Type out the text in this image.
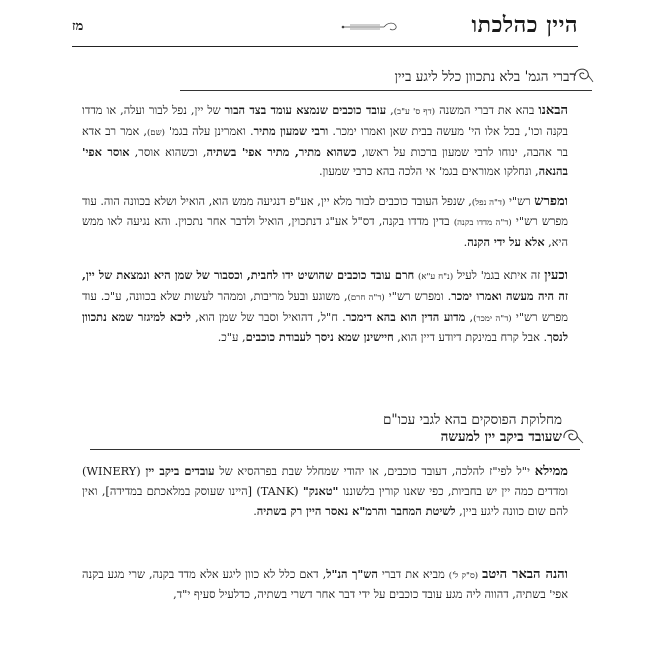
היין כהלכתו
מז
דברי הגמ' בלא נתכוון כלל ליגע ביין
הבאנו בהא את דברי המשנה (דף ס' ע"ב), עובד כוכבים שנמצא עומד בצד הבור של יין, נפל לבור ועלה, או מדדו בקנה וכו', בכל אלו הי' מעשה בבית שאן ואמרו ימכר. ורבי שמעון מתיר. ואמרינן עלה בגמ' (שם), אמר רב אדא בר אהבה, ינוחו לרבי שמעון ברכות על ראשו, כשהוא מתיר, מתיר אפי' בשתיה, וכשהוא אוסר, אוסר אפי' בהנאה, ונחלקו אמוראים בגמ' אי הלכה בהא כרבי שמעון.
ומפרש רש"י (ד"ה נפל), שנפל העובד כוכבים לבור מלא יין, אע"פ דנגיעה ממש הוא, הואיל ושלא בכוונה הוה. עוד מפרש רש"י (ד"ה מדדו בקנה) בדין מדדו בקנה, דס"ל אע"ג דנתכוין, הואיל ולדבר אחר נתכוין. והא נגיעה לאו ממש היא, אלא על ידי הקנה.
וכעין זה איתא בגמ' לעיל (נ"ח ע"א) חרם עובד כוכבים שהושיט ידו לחבית, וכסבור של שמן היא ונמצאת של יין, זה היה מעשה ואמרו ימכר. ומפרש רש"י (ד"ה חרם), משוגע ובעל מריבות, וממהר לעשות שלא בכוונה, ע"כ. עוד מפרש רש"י (ד"ה ימכר), מדוע הדין הוא בהא דימכר. ח"ל, דהואיל וסבר של שמן הוא, ליכא למיגזר שמא נתכוון לנסך. אבל קרח במינקת דיודע דיין הוא, חיישינן שמא ניסך לעבודת כוכבים, ע"כ.
מחלוקת הפוסקים בהא לגבי עכו"ם
שעובד ביקב יין למעשה
ממילא י"ל לפי"ז להלכה, דעובד כוכבים, או יהודי שמחלל שבת בפרהסיא של עובדים ביקב יין (WINERY) ומדדים כמה יין יש בחביות, כפי שאנו קורין בלשוננו "טאנק" (TANK) [היינו שעוסק במלאכתם במדידה], ואין להם שום כוונה ליגע ביין, לשיטת המחבר והרמ"א נאסר היין רק בשתיה.
והנה הבאר היטב (ס"ק ל') מביא את דברי הש"ך הנ"ל, דאם כלל לא כוון ליגע אלא מדד בקנה, שרי מגע בקנה אפי' בשתיה, דהווה ליה מגע עובד כוכבים על ידי דבר אחר דשרי בשתיה, כדלעיל סעיף י"ד,
